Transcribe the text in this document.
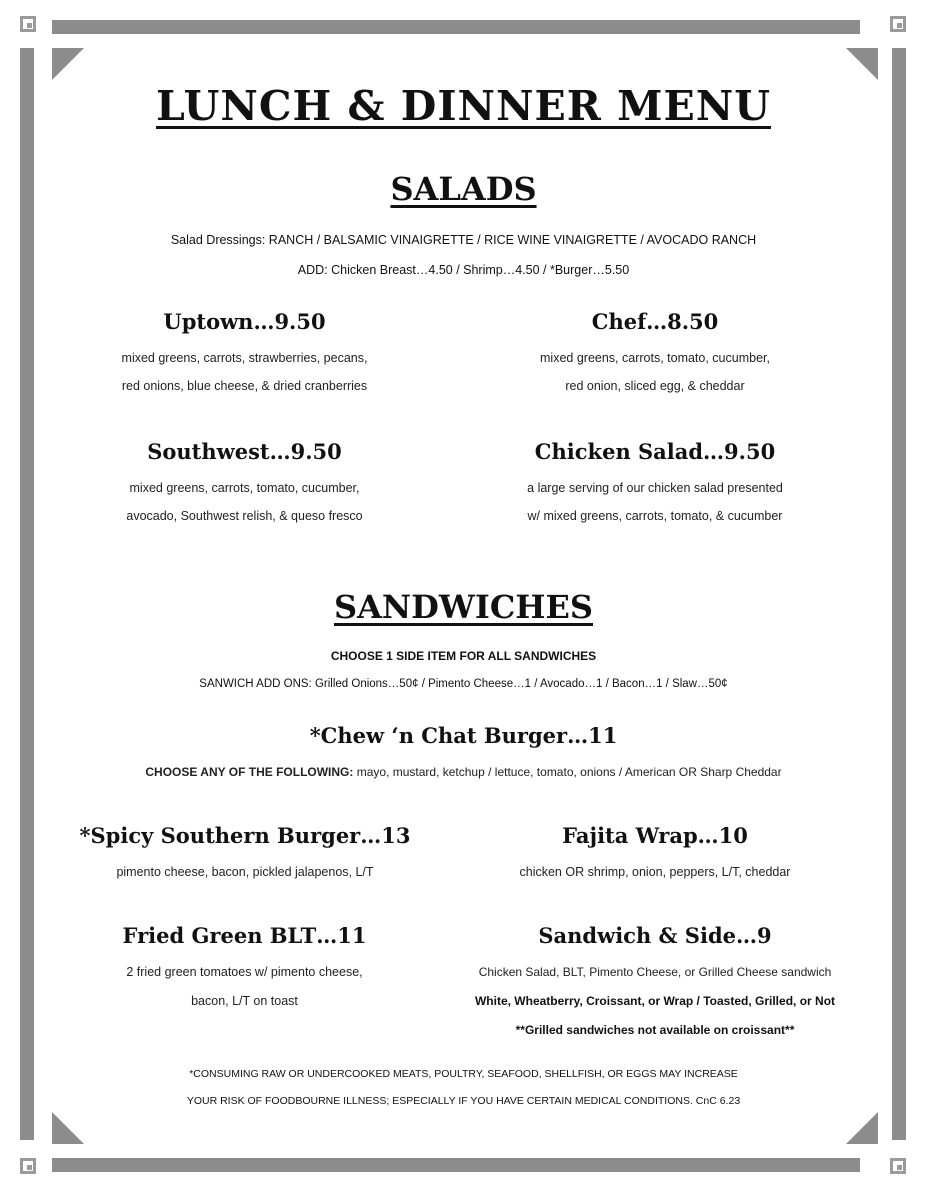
LUNCH & DINNER MENU
SALADS
Salad Dressings: RANCH / BALSAMIC VINAIGRETTE / RICE WINE VINAIGRETTE / AVOCADO RANCH
ADD: Chicken Breast…4.50 / Shrimp…4.50 / *Burger…5.50
Uptown…9.50
mixed greens, carrots, strawberries, pecans,
red onions, blue cheese, & dried cranberries
Chef…8.50
mixed greens, carrots, tomato, cucumber,
red onion, sliced egg, & cheddar
Southwest…9.50
mixed greens, carrots, tomato, cucumber,
avocado, Southwest relish, & queso fresco
Chicken Salad…9.50
a large serving of our chicken salad presented
w/ mixed greens, carrots, tomato, & cucumber
SANDWICHES
CHOOSE 1 SIDE ITEM FOR ALL SANDWICHES
SANWICH ADD ONS: Grilled Onions…50¢ / Pimento Cheese…1 / Avocado…1 / Bacon…1 / Slaw…50¢
*Chew ‘n Chat Burger…11
CHOOSE ANY OF THE FOLLOWING: mayo, mustard, ketchup / lettuce, tomato, onions / American OR Sharp Cheddar
*Spicy Southern Burger…13
pimento cheese, bacon, pickled jalapenos, L/T
Fajita Wrap…10
chicken OR shrimp, onion, peppers, L/T, cheddar
Fried Green BLT…11
2 fried green tomatoes w/ pimento cheese,
bacon, L/T on toast
Sandwich & Side…9
Chicken Salad, BLT, Pimento Cheese, or Grilled Cheese sandwich
White, Wheatberry, Croissant, or Wrap / Toasted, Grilled, or Not
**Grilled sandwiches not available on croissant**
*CONSUMING RAW OR UNDERCOOKED MEATS, POULTRY, SEAFOOD, SHELLFISH, OR EGGS MAY INCREASE
YOUR RISK OF FOODBOURNE ILLNESS; ESPECIALLY IF YOU HAVE CERTAIN MEDICAL CONDITIONS. CnC 6.23
